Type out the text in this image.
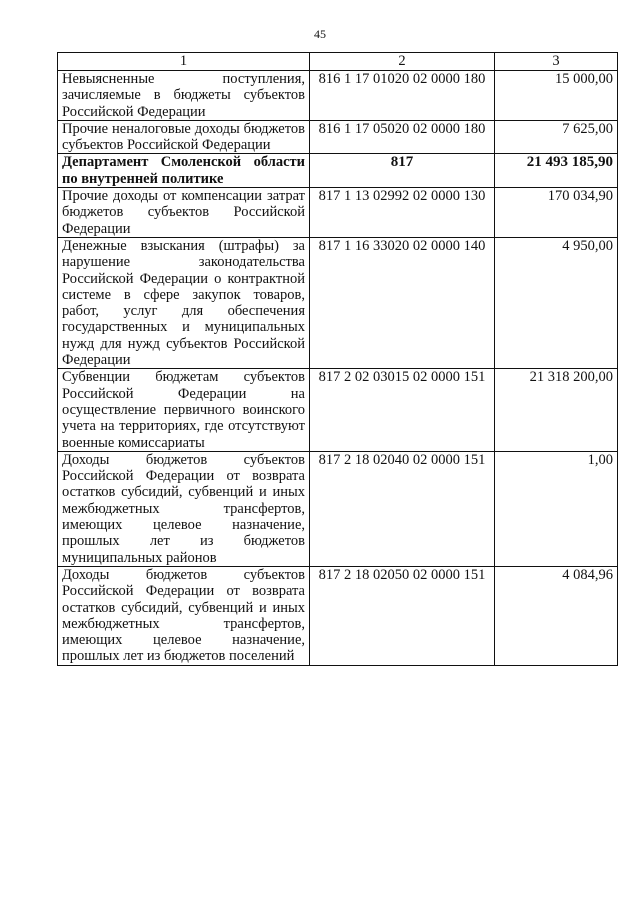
45
1	2	3
Невыясненные поступления, зачисляемые в бюджеты субъектов Российской Федерации	816 1 17 01020 02 0000 180	15 000,00
Прочие неналоговые доходы бюджетов субъектов Российской Федерации	816 1 17 05020 02 0000 180	7 625,00
Департамент Смоленской области по внутренней политике	817	21 493 185,90
Прочие доходы от компенсации затрат бюджетов субъектов Российской Федерации	817 1 13 02992 02 0000 130	170 034,90
Денежные взыскания (штрафы) за нарушение законодательства Российской Федерации о контрактной системе в сфере закупок товаров, работ, услуг для обеспечения государственных и муниципальных нужд для нужд субъектов Российской Федерации	817 1 16 33020 02 0000 140	4 950,00
Субвенции бюджетам субъектов Российской Федерации на осуществление первичного воинского учета на территориях, где отсутствуют военные комиссариаты	817 2 02 03015 02 0000 151	21 318 200,00
Доходы бюджетов субъектов Российской Федерации от возврата остатков субсидий, субвенций и иных межбюджетных трансфертов, имеющих целевое назначение, прошлых лет из бюджетов муниципальных районов	817 2 18 02040 02 0000 151	1,00
Доходы бюджетов субъектов Российской Федерации от возврата остатков субсидий, субвенций и иных межбюджетных трансфертов, имеющих целевое назначение, прошлых лет из бюджетов поселений	817 2 18 02050 02 0000 151	4 084,96
